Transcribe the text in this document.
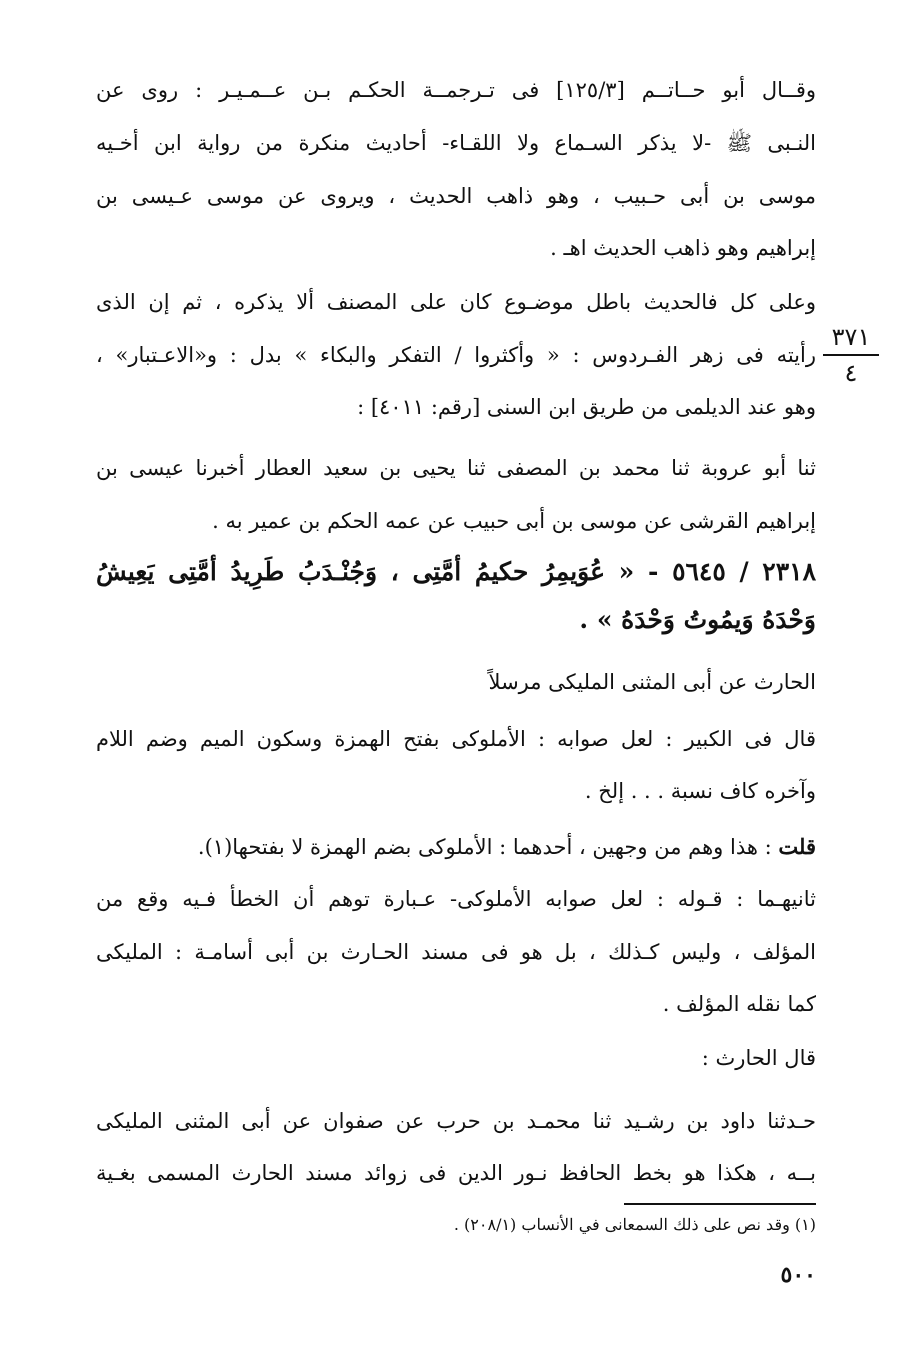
وقــال أبو حــاتــم [١٢٥/٣] فى تـرجمــة الحكـم بـن عــمـيـر : روى عن
النـبى ﷺ -لا يذكر السـماع ولا اللقـاء- أحاديث منكرة من رواية ابن أخـيه
موسى بن أبى حـبيب ، وهو ذاهب الحديث ، ويروى عن موسى عـيسى بن
إبراهيم وهو ذاهب الحديث اهـ .
وعلى كل فالحديث باطل موضـوع كان على المصنف ألا يذكره ، ثم إن الذى
رأيته فى زهر الفـردوس : « وأكثروا / التفكر والبكاء » بدل : و«الاعـتبار» ،
وهو عند الديلمى من طريق ابن السنى [رقم: ٤٠١١] :
ثنا أبو عروبة ثنا محمد بن المصفى ثنا يحيى بن سعيد العطار أخبرنا عيسى بن
إبراهيم القرشى عن موسى بن أبى حبيب عن عمه الحكم بن عمير به .
٢٣١٨ / ٥٦٤٥ - « عُوَيمِرُ حكيمُ أمَّتِى ، وَجُنْـدَبُ طَرِيدُ أمَّتِى يَعِيشُ
وَحْدَهُ وَيمُوتُ وَحْدَهُ » .
الحارث عن أبى المثنى المليكى مرسلاً
قال فى الكبير : لعل صوابه : الأملوكى بفتح الهمزة وسكون الميم وضم اللام
وآخره كاف نسبة . . . إلخ .
قلت : هذا وهم من وجهين ، أحدهما : الأملوكى بضم الهمزة لا بفتحها(١).
ثانيهـما : قـوله : لعل صوابه الأملوكى- عـبارة توهم أن الخطأ فـيه وقع من
المؤلف ، وليس كـذلك ، بل هو فى مسند الحـارث بن أبى أسامـة : المليكى
كما نقله المؤلف .
قال الحارث :
حـدثنا داود بن رشـيد ثنا محمـد بن حرب عن صفوان عن أبى المثنى المليكى
بــه ، هكذا هو بخط الحافظ نـور الدين فى زوائد مسند الحارث المسمى بغـية
٣٧١
٤
(١) وقد نص على ذلك السمعانى في الأنساب (٢٠٨/١) .
٥٠٠
